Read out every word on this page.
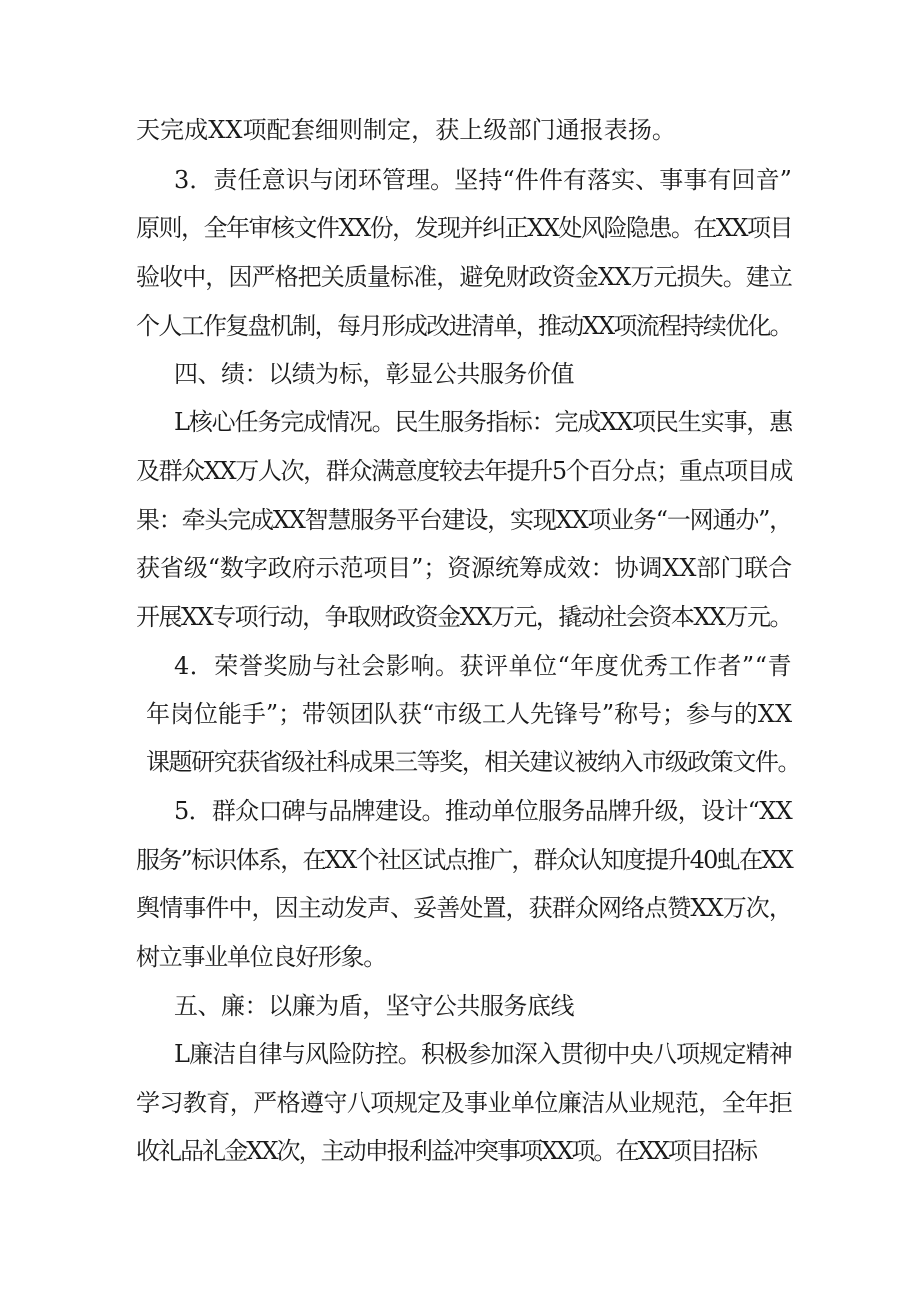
天完成XX项配套细则制定，获上级部门通报表扬。
3．责任意识与闭环管理。坚持“件件有落实、事事有回音”
原则，全年审核文件XX份，发现并纠正XX处风险隐患。在XX项目
验收中，因严格把关质量标准，避免财政资金XX万元损失。建立
个人工作复盘机制，每月形成改进清单，推动XX项流程持续优化。
四、绩：以绩为标，彰显公共服务价值
L核心任务完成情况。民生服务指标：完成XX项民生实事，惠
及群众XX万人次，群众满意度较去年提升5个百分点；重点项目成
果：牵头完成XX智慧服务平台建设，实现XX项业务“一网通办”，
获省级“数字政府示范项目”；资源统筹成效：协调XX部门联合
开展XX专项行动，争取财政资金XX万元，撬动社会资本XX万元。
4．荣誉奖励与社会影响。获评单位“年度优秀工作者”“青
年岗位能手”；带领团队获“市级工人先锋号”称号；参与的XX
课题研究获省级社科成果三等奖，相关建议被纳入市级政策文件。
5．群众口碑与品牌建设。推动单位服务品牌升级，设计“XX
服务”标识体系，在XX个社区试点推广，群众认知度提升40虬在XX
舆情事件中，因主动发声、妥善处置，获群众网络点赞XX万次，
树立事业单位良好形象。
五、廉：以廉为盾，坚守公共服务底线
L廉洁自律与风险防控。积极参加深入贯彻中央八项规定精神
学习教育，严格遵守八项规定及事业单位廉洁从业规范，全年拒
收礼品礼金XX次，主动申报利益冲突事项XX项。在XX项目招标
